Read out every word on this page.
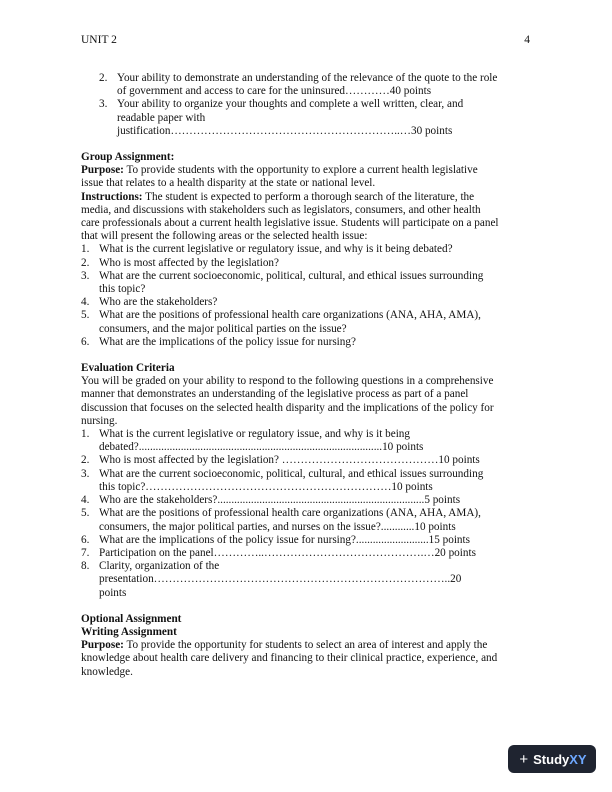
UNIT 2	4
2. Your ability to demonstrate an understanding of the relevance of the quote to the role
of government and access to care for the uninsured…………40 points
3. Your ability to organize your thoughts and complete a well written, clear, and
readable paper with
justification……………………………………………………..…30 points
Group Assignment:
Purpose: To provide students with the opportunity to explore a current health legislative
issue that relates to a health disparity at the state or national level.
Instructions: The student is expected to perform a thorough search of the literature, the
media, and discussions with stakeholders such as legislators, consumers, and other health
care professionals about a current health legislative issue. Students will participate on a panel
that will present the following areas or the selected health issue:
1. What is the current legislative or regulatory issue, and why is it being debated?
2. Who is most affected by the legislation?
3. What are the current socioeconomic, political, cultural, and ethical issues surrounding
this topic?
4. Who are the stakeholders?
5. What are the positions of professional health care organizations (ANA, AHA, AMA),
consumers, and the major political parties on the issue?
6. What are the implications of the policy issue for nursing?
Evaluation Criteria
You will be graded on your ability to respond to the following questions in a comprehensive
manner that demonstrates an understanding of the legislative process as part of a panel
discussion that focuses on the selected health disparity and the implications of the policy for
nursing.
1. What is the current legislative or regulatory issue, and why is it being
debated?.......................................................................................10 points
2. Who is most affected by the legislation? ……………………………………10 points
3. What are the current socioeconomic, political, cultural, and ethical issues surrounding
this topic?…………………………………………………………10 points
4. Who are the stakeholders?..........................................................................5 points
5. What are the positions of professional health care organizations (ANA, AHA, AMA),
consumers, the major political parties, and nurses on the issue?............10 points
6. What are the implications of the policy issue for nursing?..........................15 points
7. Participation on the panel…………..…………………………………….…20 points
8. Clarity, organization of the
presentation……………………………………………………………………..20
points
Optional Assignment
Writing Assignment
Purpose: To provide the opportunity for students to select an area of interest and apply the
knowledge about health care delivery and financing to their clinical practice, experience, and
knowledge.
+ Study XY
